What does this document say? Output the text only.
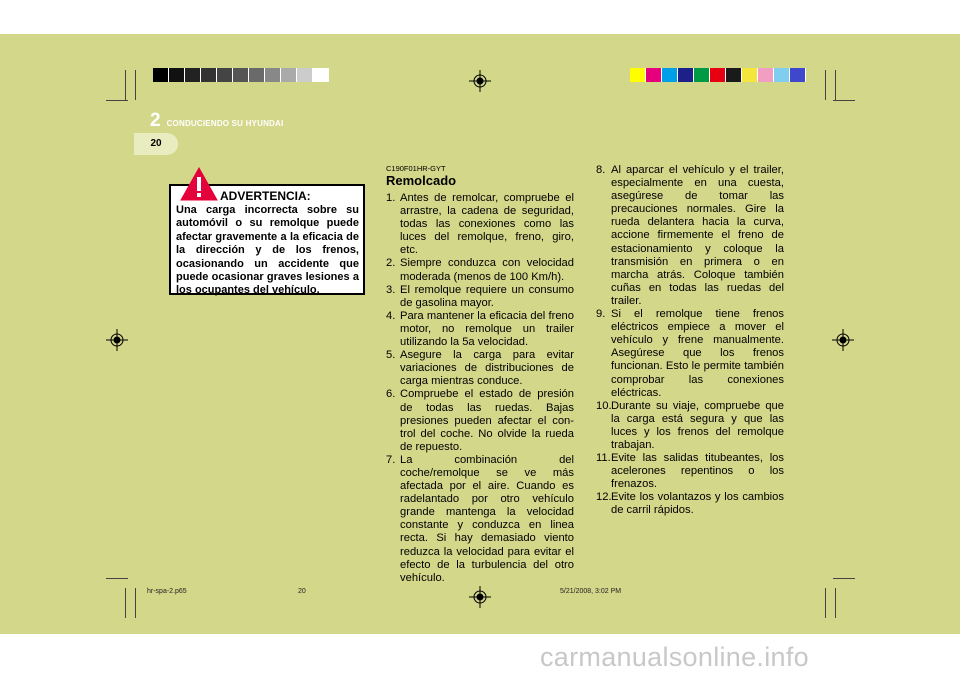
2 CONDUCIENDO SU HYUNDAI
20
ADVERTENCIA:
Una carga incorrecta sobre su automóvil o su remolque puede afectar gravemente a la eficacia de la dirección y de los frenos, ocasionando un accidente que puede ocasionar graves lesiones a los ocupantes del vehículo.
C190F01HR-GYT
Remolcado
1. Antes de remolcar, compruebe el arrastre, la cadena de seguridad, todas las conexiones como las luces del remolque, freno, giro, etc.
2. Siempre conduzca con velocidad moderada (menos de 100 Km/h).
3. El remolque requiere un consumo de gasolina mayor.
4. Para mantener la eficacia del freno motor, no remolque un trailer utilizando la 5a velocidad.
5. Asegure la carga para evitar variaciones de distribuciones de carga mientras conduce.
6. Compruebe el estado de presión de todas las ruedas. Bajas presiones pueden afectar el con-trol del coche. No olvide la rueda de repuesto.
7. La combinación del coche/remolque se ve más afectada por el aire. Cuando es radelantado por otro vehículo grande mantenga la velocidad constante y conduzca en linea recta. Si hay demasiado viento reduzca la velocidad para evitar el efecto de la turbulencia del otro vehículo.
8. Al aparcar el vehículo y el trailer, especialmente en una cuesta, asegúrese de tomar las precauciones normales. Gire la rueda delantera hacia la curva, accione firmemente el freno de estacionamiento y coloque la transmisión en primera o en marcha atrás. Coloque también cuñas en todas las ruedas del trailer.
9. Si el remolque tiene frenos eléctricos empiece a mover el vehículo y frene manualmente. Asegúrese que los frenos funcionan. Esto le permite también comprobar las conexiones eléctricas.
10. Durante su viaje, compruebe que la carga está segura y que las luces y los frenos del remolque trabajan.
11. Evite las salidas titubeantes, los acelerones repentinos o los frenazos.
12. Evite los volantazos y los cambios de carril rápidos.
hr-spa-2.p65	20	5/21/2008, 3:02 PM
carmanualsonline.info
